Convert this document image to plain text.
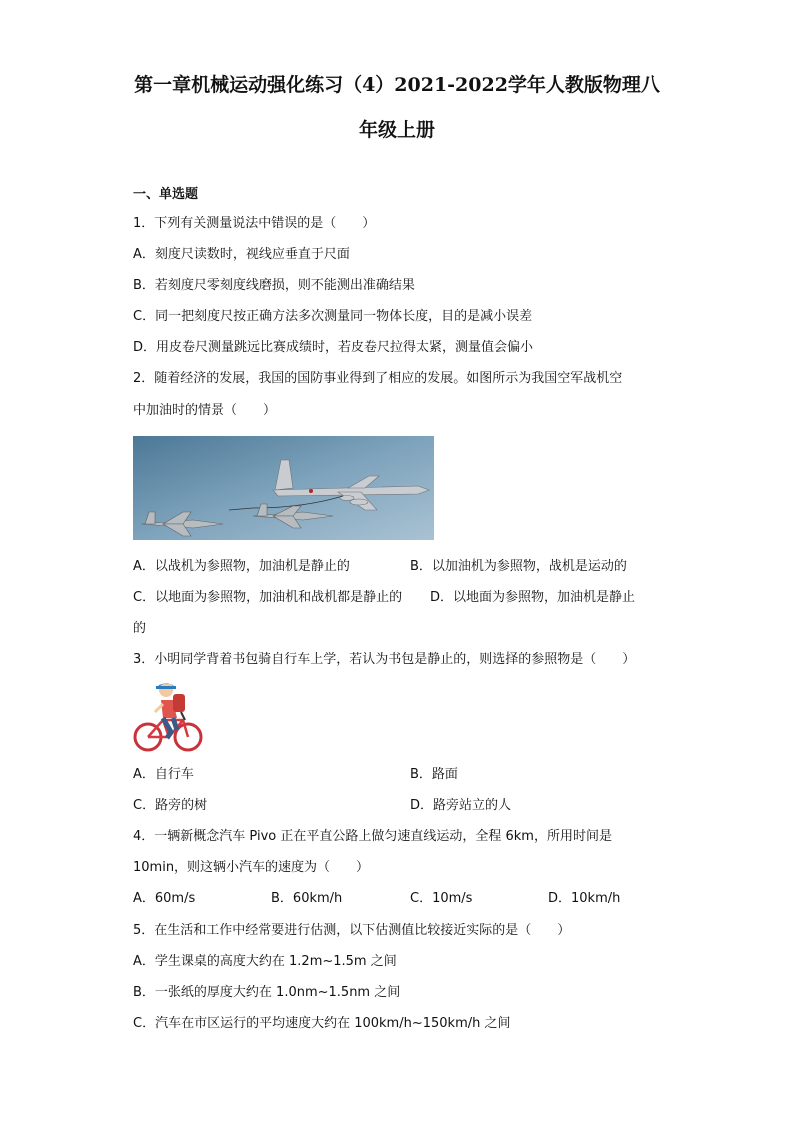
第一章机械运动强化练习（4）2021-2022学年人教版物理八
年级上册
一、单选题
1．下列有关测量说法中错误的是（　　）
A．刻度尺读数时，视线应垂直于尺面
B．若刻度尺零刻度线磨损，则不能测出准确结果
C．同一把刻度尺按正确方法多次测量同一物体长度，目的是减小误差
D．用皮卷尺测量跳远比赛成绩时，若皮卷尺拉得太紧，测量值会偏小
2．随着经济的发展，我国的国防事业得到了相应的发展。如图所示为我国空军战机空
中加油时的情景（　　）
A．以战机为参照物，加油机是静止的	B．以加油机为参照物，战机是运动的
C．以地面为参照物，加油机和战机都是静止的 D．以地面为参照物，加油机是静止
的
3．小明同学背着书包骑自行车上学，若认为书包是静止的，则选择的参照物是（　　）
A．自行车	B．路面
C．路旁的树	D．路旁站立的人
4．一辆新概念汽车 Pivo 正在平直公路上做匀速直线运动，全程 6km，所用时间是
10min，则这辆小汽车的速度为（　　）
A．60m/s	B．60km/h	C．10m/s	D．10km/h
5．在生活和工作中经常要进行估测，以下估测值比较接近实际的是（　　）
A．学生课桌的高度大约在 1.2m~1.5m 之间
B．一张纸的厚度大约在 1.0nm~1.5nm 之间
C．汽车在市区运行的平均速度大约在 100km/h~150km/h 之间
